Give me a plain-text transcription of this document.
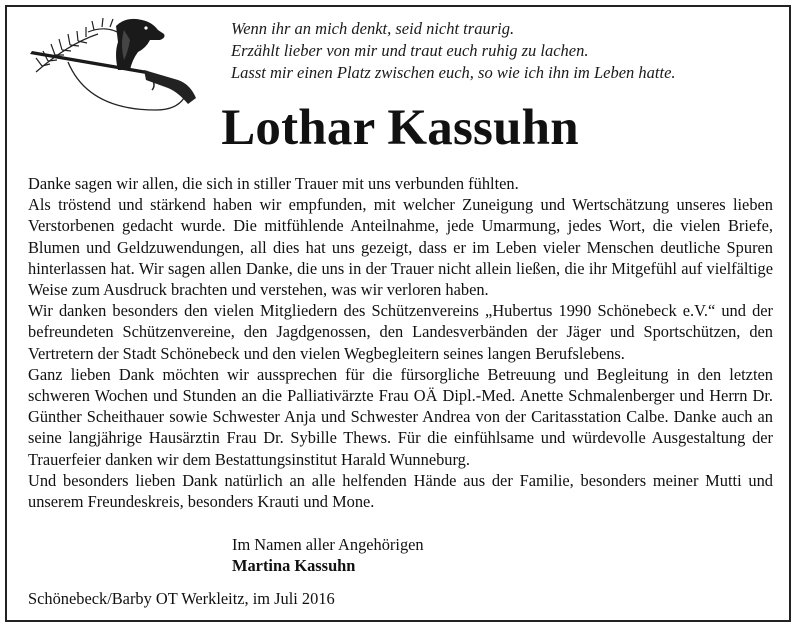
Wenn ihr an mich denkt, seid nicht traurig.
Erzählt lieber von mir und traut euch ruhig zu lachen.
Lasst mir einen Platz zwischen euch, so wie ich ihn im Leben hatte.
Lothar Kassuhn

Danke sagen wir allen, die sich in stiller Trauer mit uns verbunden fühlten.

Als tröstend und stärkend haben wir empfunden, mit welcher Zuneigung und Wertschätzung unseres lieben Verstorbenen gedacht wurde. Die mitfühlende Anteilnahme, jede Umarmung, jedes Wort, die vielen Briefe, Blumen und Geldzuwendungen, all dies hat uns gezeigt, dass er im Leben vieler Menschen deutliche Spuren hinterlassen hat. Wir sagen allen Danke, die uns in der Trauer nicht allein ließen, die ihr Mitgefühl auf vielfältige Weise zum Ausdruck brachten und verstehen, was wir verloren haben.

Wir danken besonders den vielen Mitgliedern des Schützenvereins „Hubertus 1990 Schönebeck e.V.“ und der befreundeten Schützenvereine, den Jagdgenossen, den Landesverbänden der Jäger und Sportschützen, den Vertretern der Stadt Schönebeck und den vielen Wegbegleitern seines langen Berufslebens.

Ganz lieben Dank möchten wir aussprechen für die fürsorgliche Betreuung und Begleitung in den letzten schweren Wochen und Stunden an die Palliativärzte Frau OÄ Dipl.-Med. Anette Schmalenberger und Herrn Dr. Günther Scheithauer sowie Schwester Anja und Schwester Andrea von der Caritasstation Calbe. Danke auch an seine langjährige Hausärztin Frau Dr. Sybille Thews. Für die einfühlsame und würdevolle Ausgestaltung der Trauerfeier danken wir dem Bestattungsinstitut Harald Wunneburg.

Und besonders lieben Dank natürlich an alle helfenden Hände aus der Familie, besonders meiner Mutti und unserem Freundeskreis, besonders Krauti und Mone.

Im Namen aller Angehörigen
Martina Kassuhn
Schönebeck/Barby OT Werkleitz, im Juli 2016
